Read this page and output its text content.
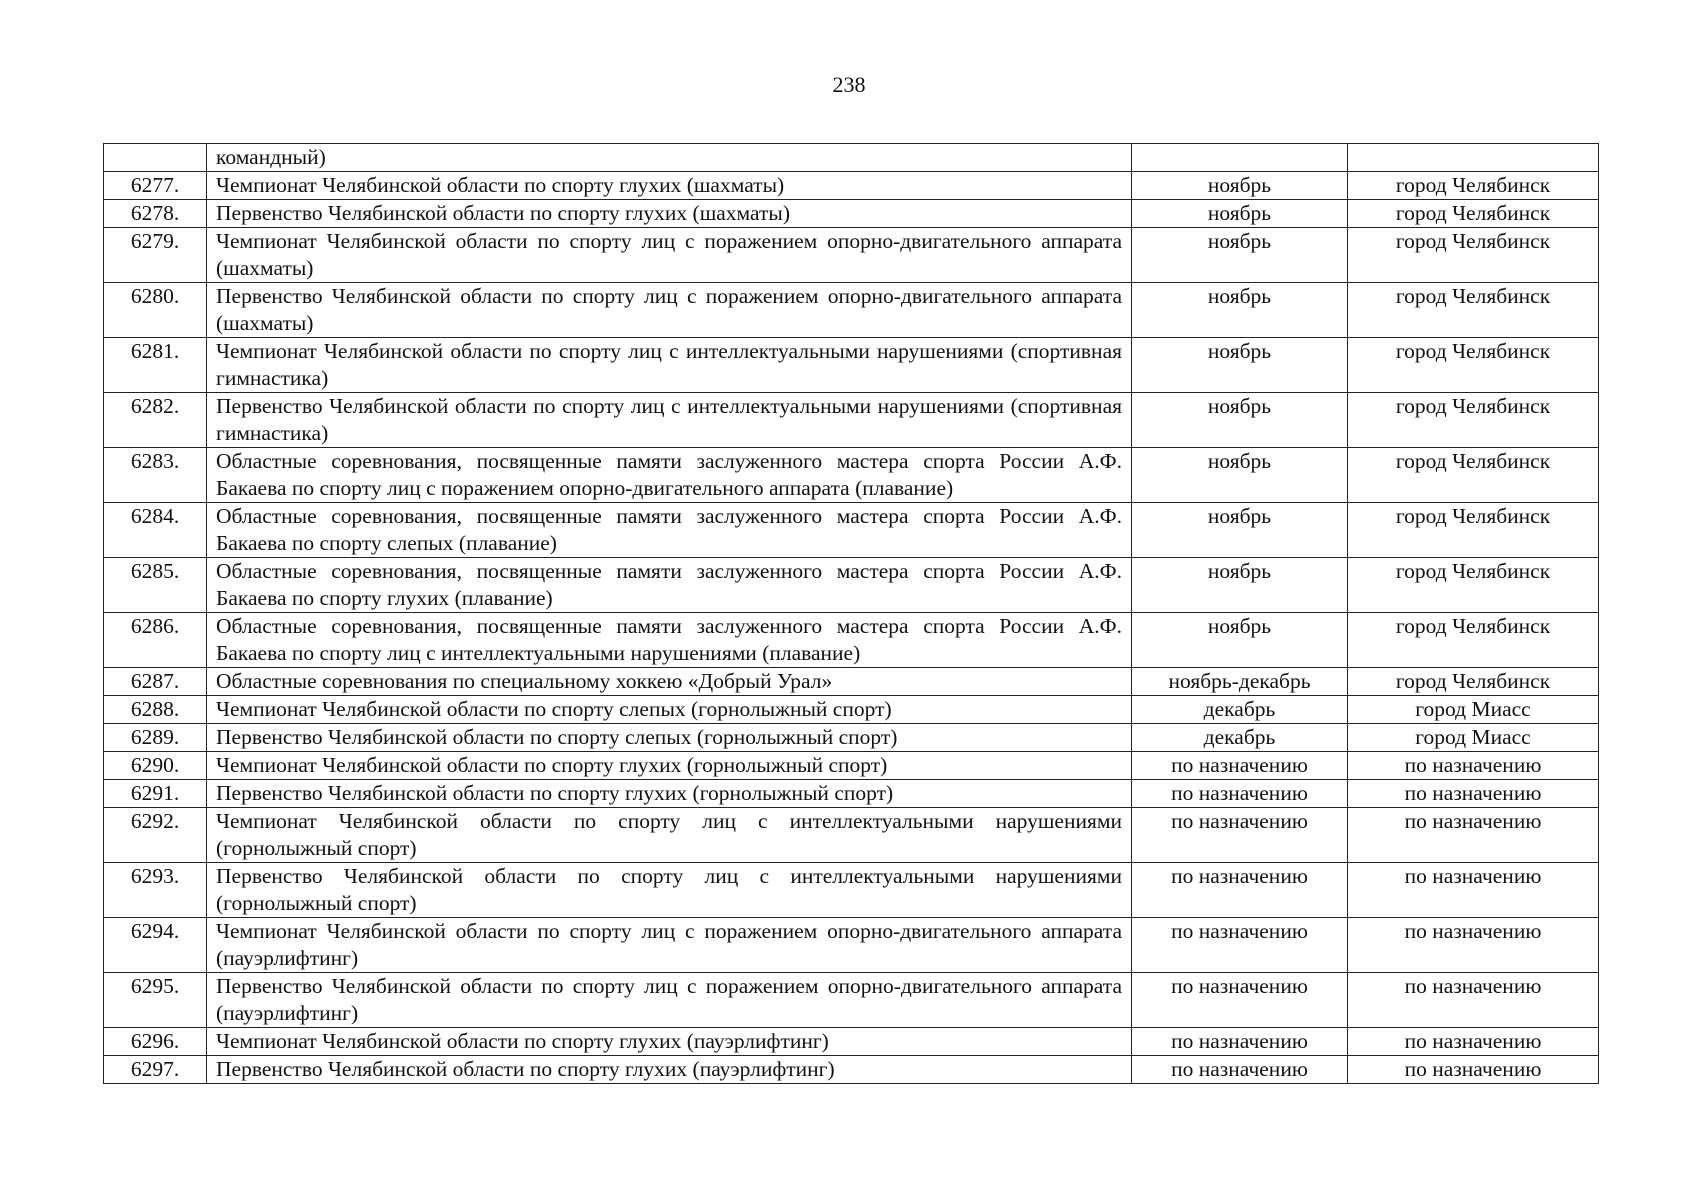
238
	командный)		
6277.	Чемпионат Челябинской области по спорту глухих (шахматы)	ноябрь	город Челябинск
6278.	Первенство Челябинской области по спорту глухих (шахматы)	ноябрь	город Челябинск
6279.	Чемпионат Челябинской области по спорту лиц с поражением опорно-двигательного аппарата (шахматы)	ноябрь	город Челябинск
6280.	Первенство Челябинской области по спорту лиц с поражением опорно-двигательного аппарата (шахматы)	ноябрь	город Челябинск
6281.	Чемпионат Челябинской области по спорту лиц с интеллектуальными нарушениями (спортивная гимнастика)	ноябрь	город Челябинск
6282.	Первенство Челябинской области по спорту лиц с интеллектуальными нарушениями (спортивная гимнастика)	ноябрь	город Челябинск
6283.	Областные соревнования, посвященные памяти заслуженного мастера спорта России А.Ф. Бакаева по спорту лиц с поражением опорно-двигательного аппарата (плавание)	ноябрь	город Челябинск
6284.	Областные соревнования, посвященные памяти заслуженного мастера спорта России А.Ф. Бакаева по спорту слепых (плавание)	ноябрь	город Челябинск
6285.	Областные соревнования, посвященные памяти заслуженного мастера спорта России А.Ф. Бакаева по спорту глухих (плавание)	ноябрь	город Челябинск
6286.	Областные соревнования, посвященные памяти заслуженного мастера спорта России А.Ф. Бакаева по спорту лиц с интеллектуальными нарушениями (плавание)	ноябрь	город Челябинск
6287.	Областные соревнования по специальному хоккею «Добрый Урал»	ноябрь-декабрь	город Челябинск
6288.	Чемпионат Челябинской области по спорту слепых (горнолыжный спорт)	декабрь	город Миасс
6289.	Первенство Челябинской области по спорту слепых (горнолыжный спорт)	декабрь	город Миасс
6290.	Чемпионат Челябинской области по спорту глухих (горнолыжный спорт)	по назначению	по назначению
6291.	Первенство Челябинской области по спорту глухих (горнолыжный спорт)	по назначению	по назначению
6292.	Чемпионат Челябинской области по спорту лиц с интеллектуальными нарушениями (горнолыжный спорт)	по назначению	по назначению
6293.	Первенство Челябинской области по спорту лиц с интеллектуальными нарушениями (горнолыжный спорт)	по назначению	по назначению
6294.	Чемпионат Челябинской области по спорту лиц с поражением опорно-двигательного аппарата (пауэрлифтинг)	по назначению	по назначению
6295.	Первенство Челябинской области по спорту лиц с поражением опорно-двигательного аппарата (пауэрлифтинг)	по назначению	по назначению
6296.	Чемпионат Челябинской области по спорту глухих (пауэрлифтинг)	по назначению	по назначению
6297.	Первенство Челябинской области по спорту глухих (пауэрлифтинг)	по назначению	по назначению
